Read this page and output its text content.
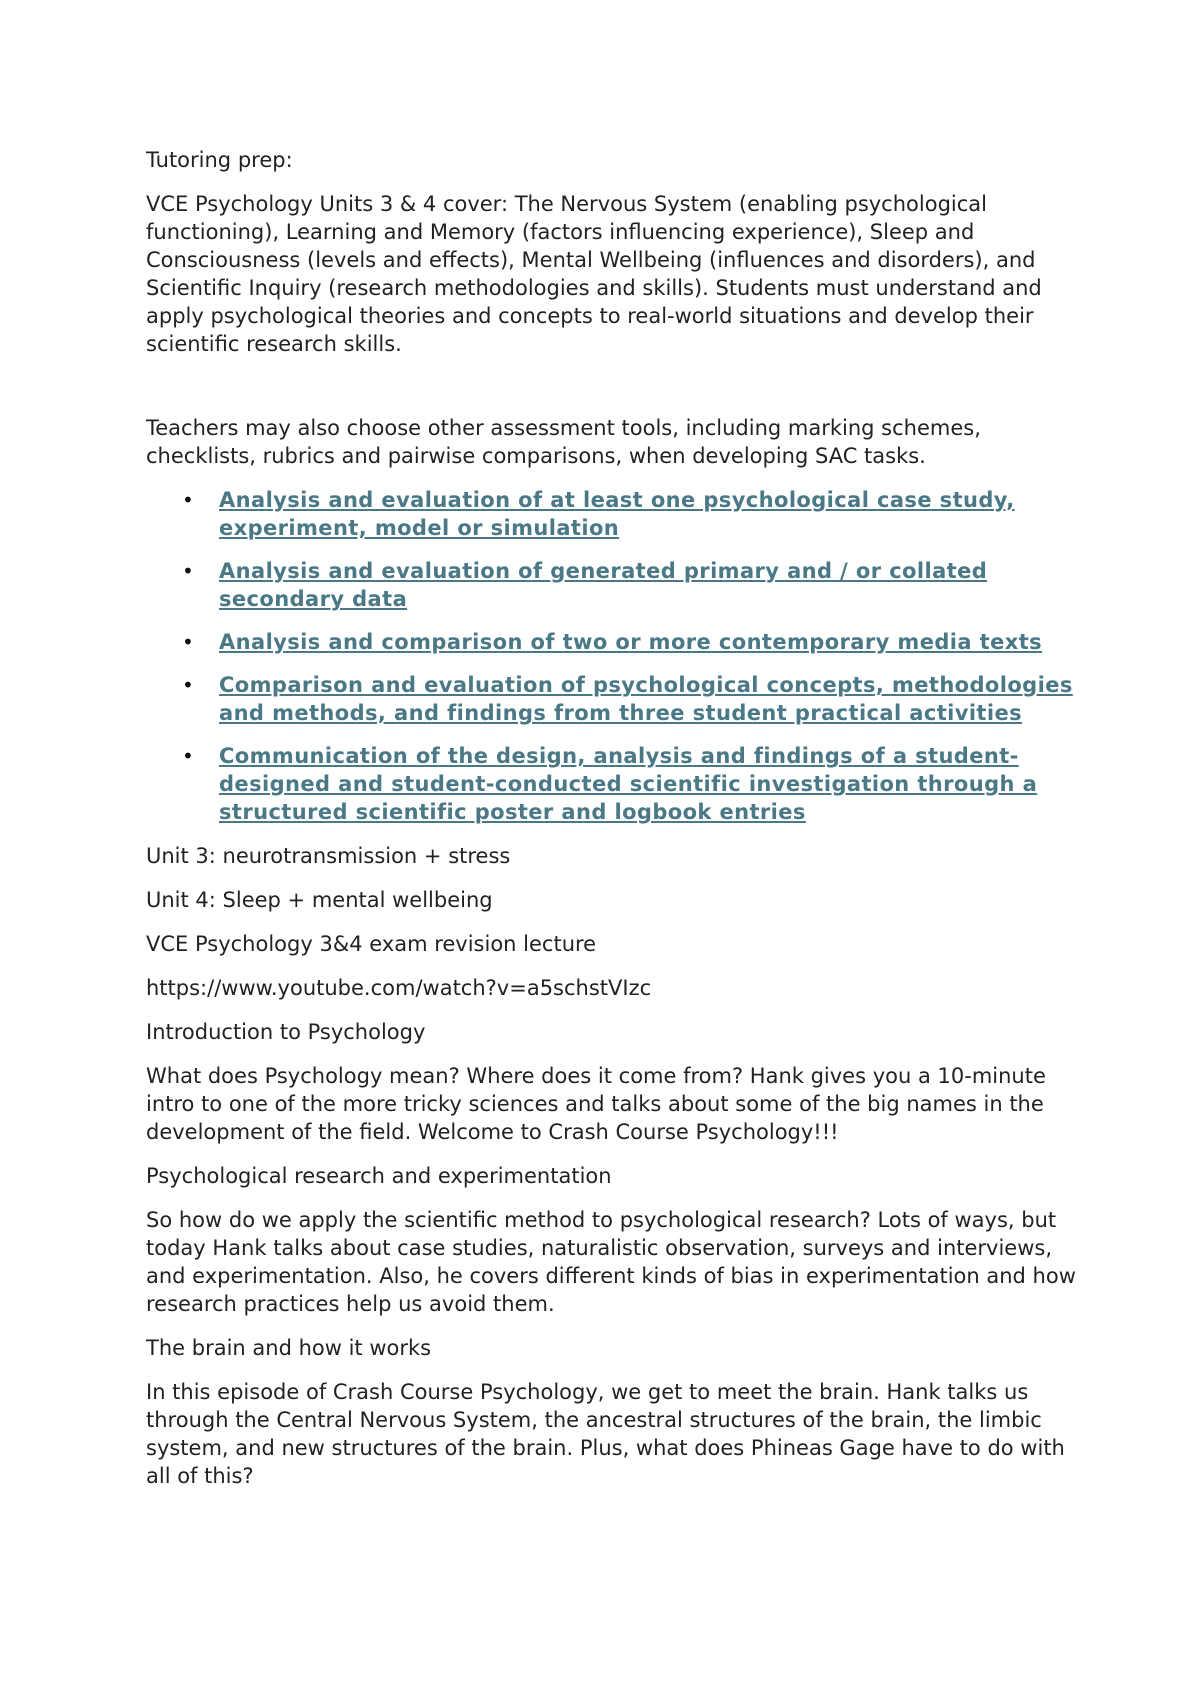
Tutoring prep:

VCE Psychology Units 3 & 4 cover: The Nervous System (enabling psychological functioning), Learning and Memory (factors influencing experience), Sleep and Consciousness (levels and effects), Mental Wellbeing (influences and disorders), and Scientific Inquiry (research methodologies and skills). Students must understand and apply psychological theories and concepts to real-world situations and develop their scientific research skills.

Teachers may also choose other assessment tools, including marking schemes, checklists, rubrics and pairwise comparisons, when developing SAC tasks.

• Analysis and evaluation of at least one psychological case study, experiment, model or simulation
• Analysis and evaluation of generated primary and / or collated secondary data
• Analysis and comparison of two or more contemporary media texts
• Comparison and evaluation of psychological concepts, methodologies and methods, and findings from three student practical activities
• Communication of the design, analysis and findings of a student-designed and student-conducted scientific investigation through a structured scientific poster and logbook entries

Unit 3: neurotransmission + stress

Unit 4: Sleep + mental wellbeing

VCE Psychology 3&4 exam revision lecture

https://www.youtube.com/watch?v=a5schstVIzc

Introduction to Psychology

What does Psychology mean? Where does it come from? Hank gives you a 10-minute intro to one of the more tricky sciences and talks about some of the big names in the development of the field. Welcome to Crash Course Psychology!!!

Psychological research and experimentation

So how do we apply the scientific method to psychological research? Lots of ways, but today Hank talks about case studies, naturalistic observation, surveys and interviews, and experimentation. Also, he covers different kinds of bias in experimentation and how research practices help us avoid them.

The brain and how it works

In this episode of Crash Course Psychology, we get to meet the brain. Hank talks us through the Central Nervous System, the ancestral structures of the brain, the limbic system, and new structures of the brain. Plus, what does Phineas Gage have to do with all of this?
